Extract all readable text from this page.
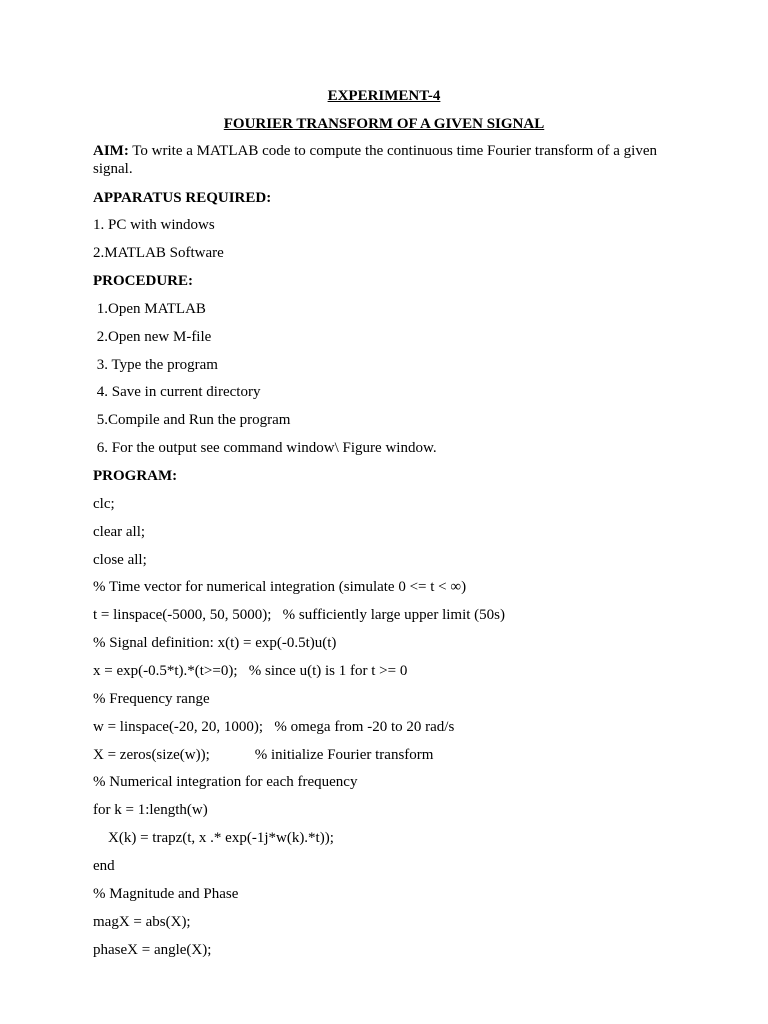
EXPERIMENT-4
FOURIER TRANSFORM OF A GIVEN SIGNAL
AIM: To write a MATLAB code to compute the continuous time Fourier transform of a given signal.
APPARATUS REQUIRED:
1. PC with windows
2.MATLAB Software
PROCEDURE:
1.Open MATLAB
2.Open new M-file
3. Type the program
4. Save in current directory
5.Compile and Run the program
6. For the output see command window\ Figure window.
PROGRAM:
clc;
clear all;
close all;
% Time vector for numerical integration (simulate 0 <= t < ∞)
t = linspace(-5000, 50, 5000);   % sufficiently large upper limit (50s)
% Signal definition: x(t) = exp(-0.5t)u(t)
x = exp(-0.5*t).*(t>=0);   % since u(t) is 1 for t >= 0
% Frequency range
w = linspace(-20, 20, 1000);   % omega from -20 to 20 rad/s
X = zeros(size(w));            % initialize Fourier transform
% Numerical integration for each frequency
for k = 1:length(w)
X(k) = trapz(t, x .* exp(-1j*w(k).*t));
end
% Magnitude and Phase
magX = abs(X);
phaseX = angle(X);
